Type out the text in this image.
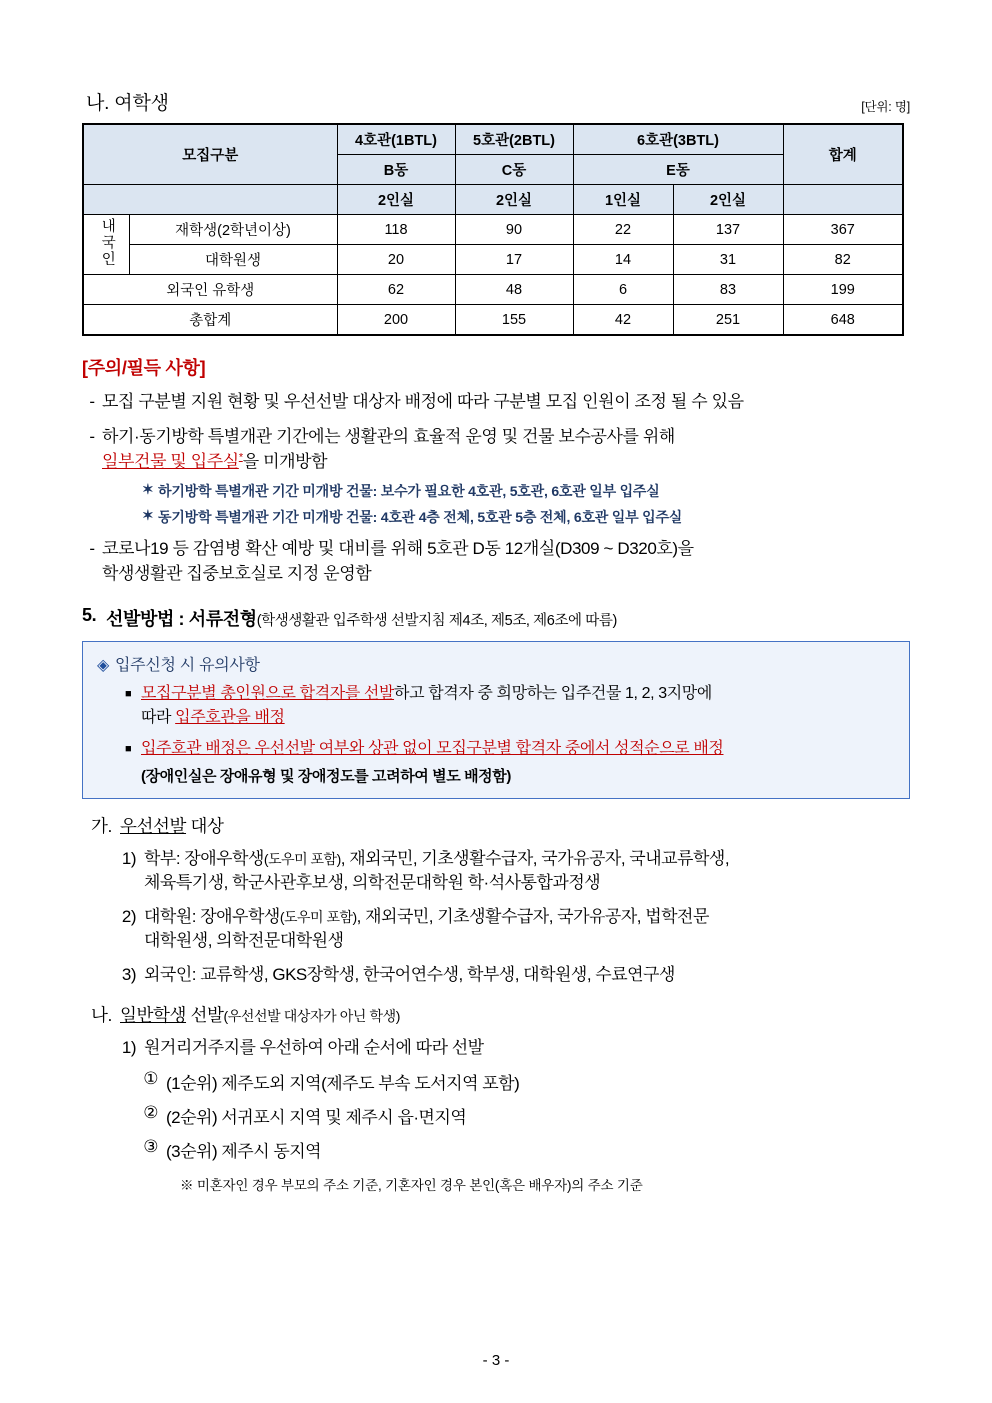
나. 여학생	[단위: 명]
모집구분		4호관(1BTL)	5호관(2BTL)	6호관(3BTL)		합계
		B동	C동	E동		
		2인실	2인실	1인실	2인실	
내국인	재학생(2학년이상)	118	90	22	137	367
	대학원생	20	17	14	31	82
외국인 유학생		62	48	6	83	199
총합계		200	155	42	251	648
[주의/필득 사항]
- 모집 구분별 지원 현황 및 우선선발 대상자 배정에 따라 구분별 모집 인원이 조정 될 수 있음
- 하기·동기방학 특별개관 기간에는 생활관의 효율적 운영 및 건물 보수공사를 위해
일부건물 및 입주실*을 미개방함
✶ 하기방학 특별개관 기간 미개방 건물: 보수가 필요한 4호관, 5호관, 6호관 일부 입주실
✶ 동기방학 특별개관 기간 미개방 건물: 4호관 4층 전체, 5호관 5층 전체, 6호관 일부 입주실
- 코로나19 등 감염병 확산 예방 및 대비를 위해 5호관 D동 12개실(D309 ~ D320호)을
학생생활관 집중보호실로 지정 운영함
5. 선발방법 : 서류전형(학생생활관 입주학생 선발지침 제4조, 제5조, 제6조에 따름)
◈ 입주신청 시 유의사항
■ 모집구분별 총인원으로 합격자를 선발하고 합격자 중 희망하는 입주건물 1, 2, 3지망에
따라 입주호관을 배정
■ 입주호관 배정은 우선선발 여부와 상관 없이 모집구분별 합격자 중에서 성적순으로 배정
(장애인실은 장애유형 및 장애정도를 고려하여 별도 배정함)
가. 우선선발 대상
1) 학부: 장애우학생(도우미 포함), 재외국민, 기초생활수급자, 국가유공자, 국내교류학생,
체육특기생, 학군사관후보생, 의학전문대학원 학·석사통합과정생
2) 대학원: 장애우학생(도우미 포함), 재외국민, 기초생활수급자, 국가유공자, 법학전문
대학원생, 의학전문대학원생
3) 외국인: 교류학생, GKS장학생, 한국어연수생, 학부생, 대학원생, 수료연구생
나. 일반학생 선발(우선선발 대상자가 아닌 학생)
1) 원거리거주지를 우선하여 아래 순서에 따라 선발
① (1순위) 제주도외 지역(제주도 부속 도서지역 포함)
② (2순위) 서귀포시 지역 및 제주시 읍·면지역
③ (3순위) 제주시 동지역
※ 미혼자인 경우 부모의 주소 기준, 기혼자인 경우 본인(혹은 배우자)의 주소 기준
- 3 -
